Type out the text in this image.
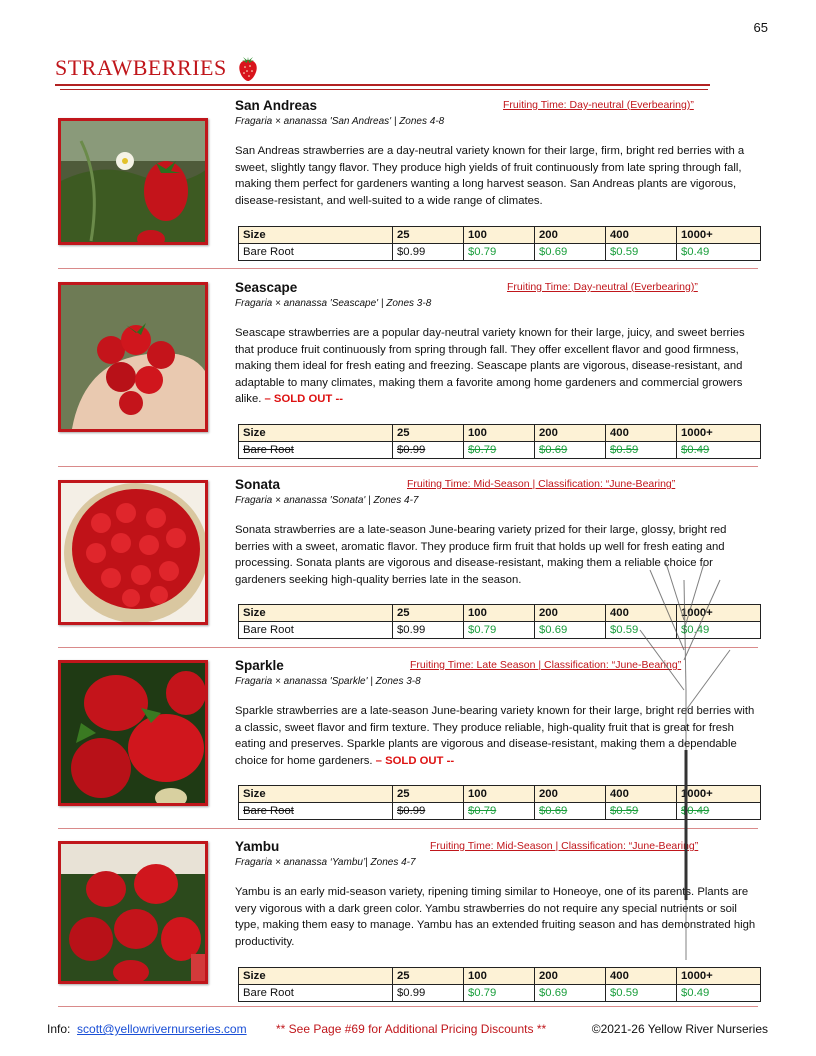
65
STRAWBERRIES
San Andreas	Fruiting Time: Day-neutral (Everbearing)”
Fragaria × ananassa 'San Andreas' | Zones 4-8
San Andreas strawberries are a day-neutral variety known for their large, firm, bright red berries with a sweet, slightly tangy flavor. They produce high yields of fruit continuously from late spring through fall, making them perfect for gardeners wanting a long harvest season. San Andreas plants are vigorous, disease-resistant, and well-suited to a wide range of climates.
Size	25	100	200	400	1000+
Bare Root	$0.99	$0.79	$0.69	$0.59	$0.49
Seascape	Fruiting Time: Day-neutral (Everbearing)”
Fragaria × ananassa 'Seascape' | Zones 3-8
Seascape strawberries are a popular day-neutral variety known for their large, juicy, and sweet berries that produce fruit continuously from spring through fall. They offer excellent flavor and good firmness, making them ideal for fresh eating and freezing. Seascape plants are vigorous, disease-resistant, and adaptable to many climates, making them a favorite among home gardeners and commercial growers alike. – SOLD OUT --
Size	25	100	200	400	1000+
Bare Root	$0.99	$0.79	$0.69	$0.59	$0.49
Sonata	Fruiting Time: Mid-Season | Classification: “June-Bearing”
Fragaria × ananassa 'Sonata' | Zones 4-7
Sonata strawberries are a late-season June-bearing variety prized for their large, glossy, bright red berries with a sweet, aromatic flavor. They produce firm fruit that holds up well for fresh eating and processing. Sonata plants are vigorous and disease-resistant, making them a reliable choice for gardeners seeking high-quality berries late in the season.
Size	25	100	200	400	1000+
Bare Root	$0.99	$0.79	$0.69	$0.59	$0.49
Sparkle	Fruiting Time: Late Season | Classification: “June-Bearing”
Fragaria × ananassa 'Sparkle' | Zones 3-8
Sparkle strawberries are a late-season June-bearing variety known for their large, bright red berries with a classic, sweet flavor and firm texture. They produce reliable, high-quality fruit that is great for fresh eating and preserves. Sparkle plants are vigorous and disease-resistant, making them a dependable choice for home gardeners. – SOLD OUT --
Size	25	100	200	400	1000+
Bare Root	$0.99	$0.79	$0.69	$0.59	$0.49
Yambu	Fruiting Time: Mid-Season | Classification: “June-Bearing”
Fragaria × ananassa ‘Yambu’| Zones 4-7
Yambu is an early mid-season variety, ripening timing similar to Honeoye, one of its parents. Plants are very vigorous with a dark green color. Yambu strawberries do not require any special nutrients or soil type, making them easy to manage. Yambu has an extended fruiting season and has demonstrated high productivity.
Size	25	100	200	400	1000+
Bare Root	$0.99	$0.79	$0.69	$0.59	$0.49
Info: scott@yellowrivernurseries.com ** See Page #69 for Additional Pricing Discounts **	©2021-26 Yellow River Nurseries
